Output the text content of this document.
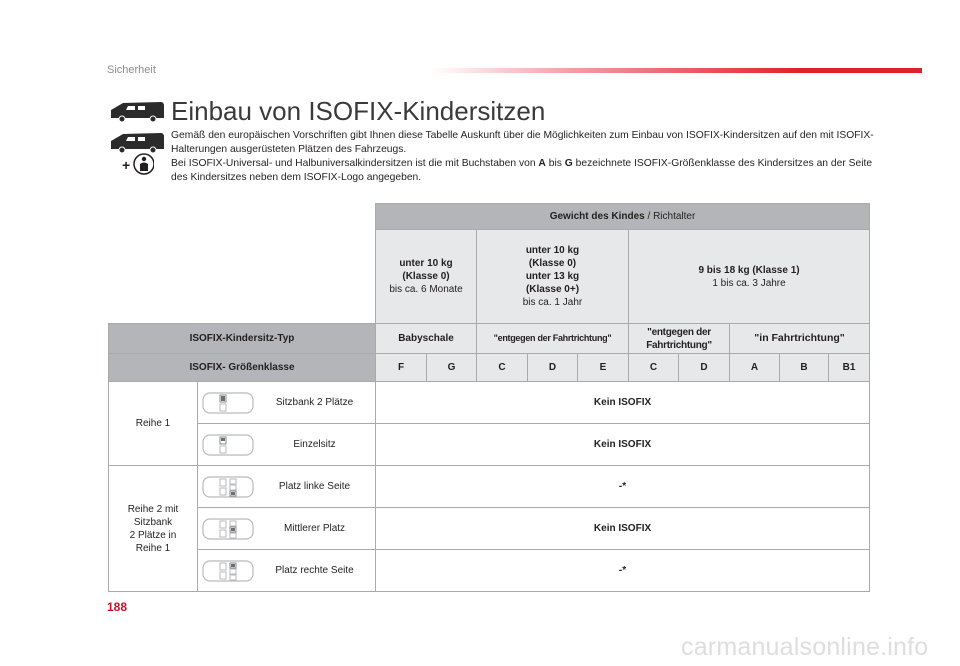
Sicherheit
+
Einbau von ISOFIX-Kindersitzen

Gemäß den europäischen Vorschriften gibt Ihnen diese Tabelle Auskunft über die Möglichkeiten zum Einbau von ISOFIX-Kindersitzen auf den mit ISOFIX-Halterungen ausgerüsteten Plätzen des Fahrzeugs.

Bei ISOFIX-Universal- und Halbuniversalkindersitzen ist die mit Buchstaben von A bis G bezeichnete ISOFIX-Größenklasse des Kindersitzes an der Seite des Kindersitzes neben dem ISOFIX-Logo angegeben.

		Gewicht des Kindes / Richtalter									
		unter 10 kg
(Klasse 0)
bis ca. 6 Monate		unter 10 kg
(Klasse 0)
unter 13 kg
(Klasse 0+)
bis ca. 1 Jahr			9 bis 18 kg (Klasse 1)
1 bis ca. 3 Jahre				
ISOFIX-Kindersitz-Typ		Babyschale		"entgegen der Fahrtrichtung"			"entgegen der Fahrtrichtung"		"in Fahrtrichtung"		
ISOFIX- Größenklasse		F	G	C	D	E	C	D	A	B	B1
Reihe 1	Sitzbank 2 Plätze	Kein ISOFIX									

	Einzelsitz	Kein ISOFIX									
Reihe 2 mit
Sitzbank
2 Plätze in
Reihe 1	Platz linke Seite	-*									

	Mittlerer Platz	Kein ISOFIX									

	Platz rechte Seite	-*									
188
carmanualsonline.info
